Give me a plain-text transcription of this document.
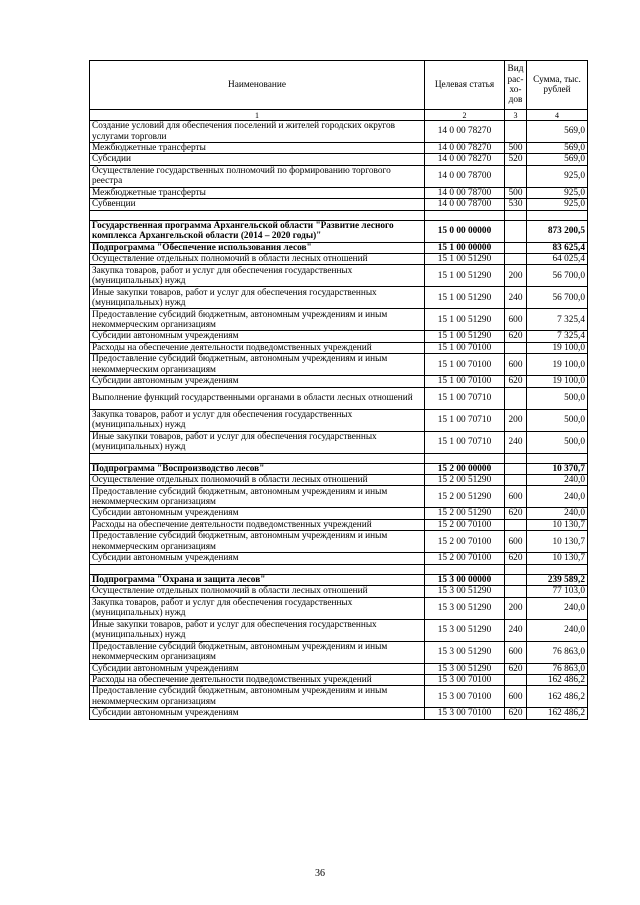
Наименование	Целевая статья	Вид рас-хо-дов	Сумма, тыс. рублей
1	2	3	4
Создание условий для обеспечения поселений и жителей городских округов услугами торговли	14 0 00 78270		569,0
Межбюджетные трансферты	14 0 00 78270	500	569,0
Субсидии	14 0 00 78270	520	569,0
Осуществление государственных полномочий по формированию торгового реестра	14 0 00 78700		925,0
Межбюджетные трансферты	14 0 00 78700	500	925,0
Субвенции	14 0 00 78700	530	925,0

Государственная программа Архангельской области "Развитие лесного комплекса Архангельской области (2014 – 2020 годы)"	15 0 00 00000		873 200,5
Подпрограмма "Обеспечение использования лесов"	15 1 00 00000		83 625,4
Осуществление отдельных полномочий в области лесных отношений	15 1 00 51290		64 025,4
Закупка товаров, работ и услуг для обеспечения государственных (муниципальных) нужд	15 1 00 51290	200	56 700,0
Иные закупки товаров, работ и услуг для обеспечения государственных (муниципальных) нужд	15 1 00 51290	240	56 700,0
Предоставление субсидий бюджетным, автономным учреждениям и иным некоммерческим организациям	15 1 00 51290	600	7 325,4
Субсидии автономным учреждениям	15 1 00 51290	620	7 325,4
Расходы на обеспечение деятельности подведомственных учреждений	15 1 00 70100		19 100,0
Предоставление субсидий бюджетным, автономным учреждениям и иным некоммерческим организациям	15 1 00 70100	600	19 100,0
Субсидии автономным учреждениям	15 1 00 70100	620	19 100,0
Выполнение функций государственными органами в области лесных отношений	15 1 00 70710		500,0
Закупка товаров, работ и услуг для обеспечения государственных (муниципальных) нужд	15 1 00 70710	200	500,0
Иные закупки товаров, работ и услуг для обеспечения государственных (муниципальных) нужд	15 1 00 70710	240	500,0

Подпрограмма "Воспроизводство лесов"	15 2 00 00000		10 370,7
Осуществление отдельных полномочий в области лесных отношений	15 2 00 51290		240,0
Предоставление субсидий бюджетным, автономным учреждениям и иным некоммерческим организациям	15 2 00 51290	600	240,0
Субсидии автономным учреждениям	15 2 00 51290	620	240,0
Расходы на обеспечение деятельности подведомственных учреждений	15 2 00 70100		10 130,7
Предоставление субсидий бюджетным, автономным учреждениям и иным некоммерческим организациям	15 2 00 70100	600	10 130,7
Субсидии автономным учреждениям	15 2 00 70100	620	10 130,7

Подпрограмма "Охрана и защита лесов"	15 3 00 00000		239 589,2
Осуществление отдельных полномочий в области лесных отношений	15 3 00 51290		77 103,0
Закупка товаров, работ и услуг для обеспечения государственных (муниципальных) нужд	15 3 00 51290	200	240,0
Иные закупки товаров, работ и услуг для обеспечения государственных (муниципальных) нужд	15 3 00 51290	240	240,0
Предоставление субсидий бюджетным, автономным учреждениям и иным некоммерческим организациям	15 3 00 51290	600	76 863,0
Субсидии автономным учреждениям	15 3 00 51290	620	76 863,0
Расходы на обеспечение деятельности подведомственных учреждений	15 3 00 70100		162 486,2
Предоставление субсидий бюджетным, автономным учреждениям и иным некоммерческим организациям	15 3 00 70100	600	162 486,2
Субсидии автономным учреждениям	15 3 00 70100	620	162 486,2
36
